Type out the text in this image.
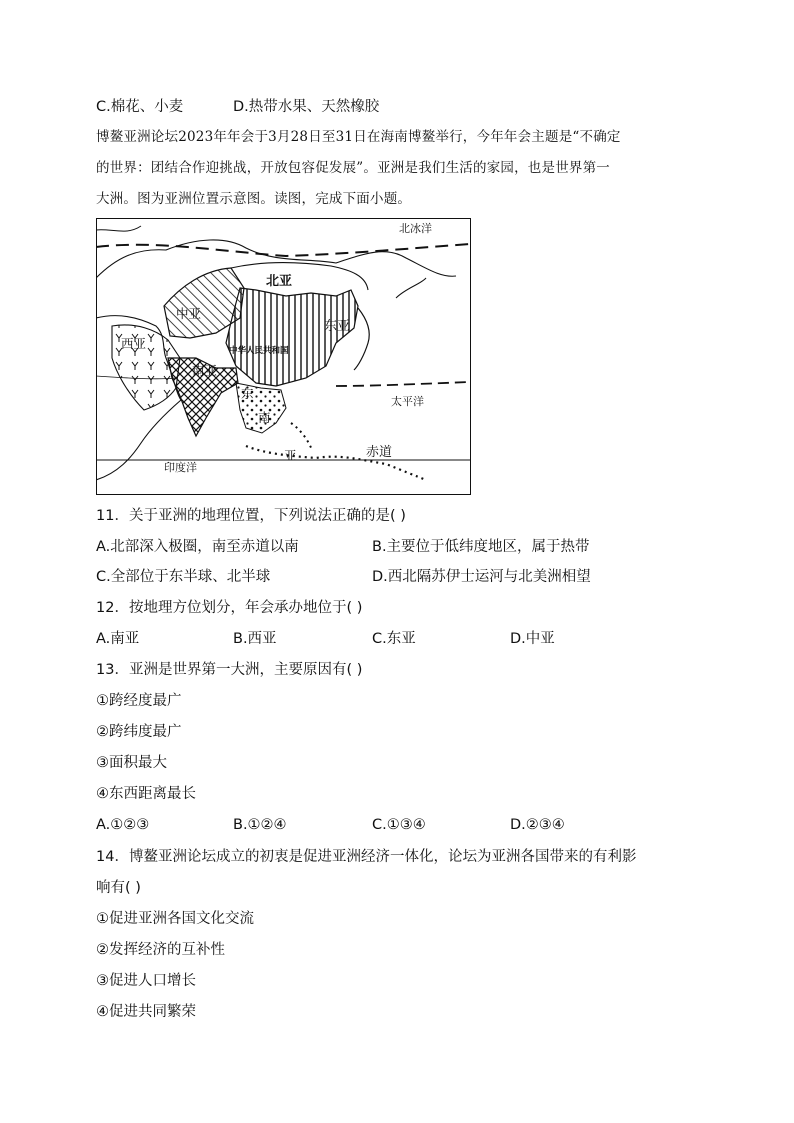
C.棉花、小麦	D.热带水果、天然橡胶
博鳌亚洲论坛2023年年会于3月28日至31日在海南博鳌举行，今年年会主题是“不确定
的世界：团结合作迎挑战，开放包容促发展”。亚洲是我们生活的家园，也是世界第一
大洲。图为亚洲位置示意图。读图，完成下面小题。
北冰洋
北亚
中亚
东亚
西亚	中华人民共和国
南亚
东
南
亚
太平洋
赤道
印度洋
11．关于亚洲的地理位置，下列说法正确的是( )
A.北部深入极圈，南至赤道以南	B.主要位于低纬度地区，属于热带
C.全部位于东半球、北半球	D.西北隔苏伊士运河与北美洲相望
12．按地理方位划分，年会承办地位于( )
A.南亚	B.西亚	C.东亚	D.中亚
13．亚洲是世界第一大洲，主要原因有( )
①跨经度最广
②跨纬度最广
③面积最大
④东西距离最长
A.①②③	B.①②④	C.①③④	D.②③④
14．博鳌亚洲论坛成立的初衷是促进亚洲经济一体化，论坛为亚洲各国带来的有利影
响有( )
①促进亚洲各国文化交流
②发挥经济的互补性
③促进人口增长
④促进共同繁荣
